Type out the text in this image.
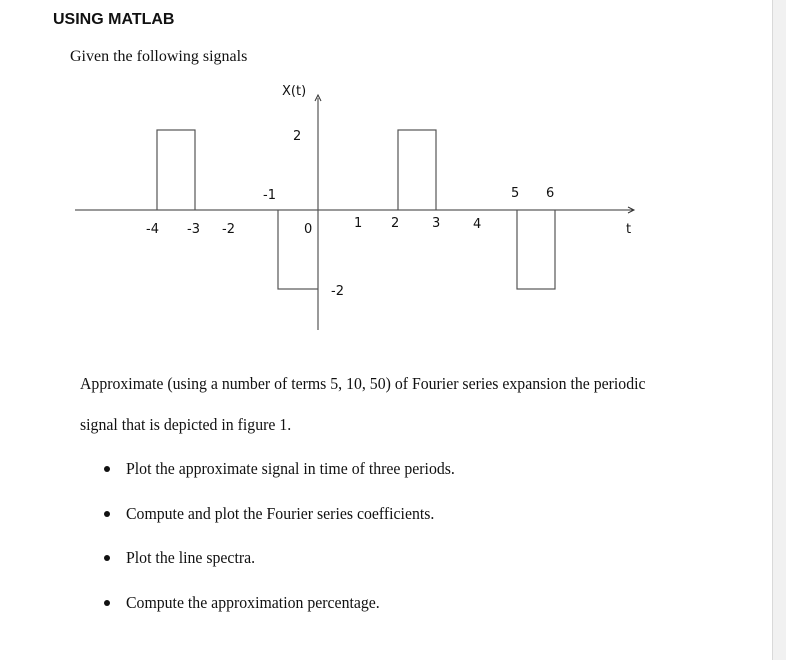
USING MATLAB
Given the following signals
X(t)
t
2
-2
-4 -3 -2	0	1 2	3	4
-1	5 6
Approximate (using a number of terms 5, 10, 50) of Fourier series expansion the periodic
signal that is depicted in figure 1.
Plot the approximate signal in time of three periods.
Compute and plot the Fourier series coefficients.
Plot the line spectra.
Compute the approximation percentage.
